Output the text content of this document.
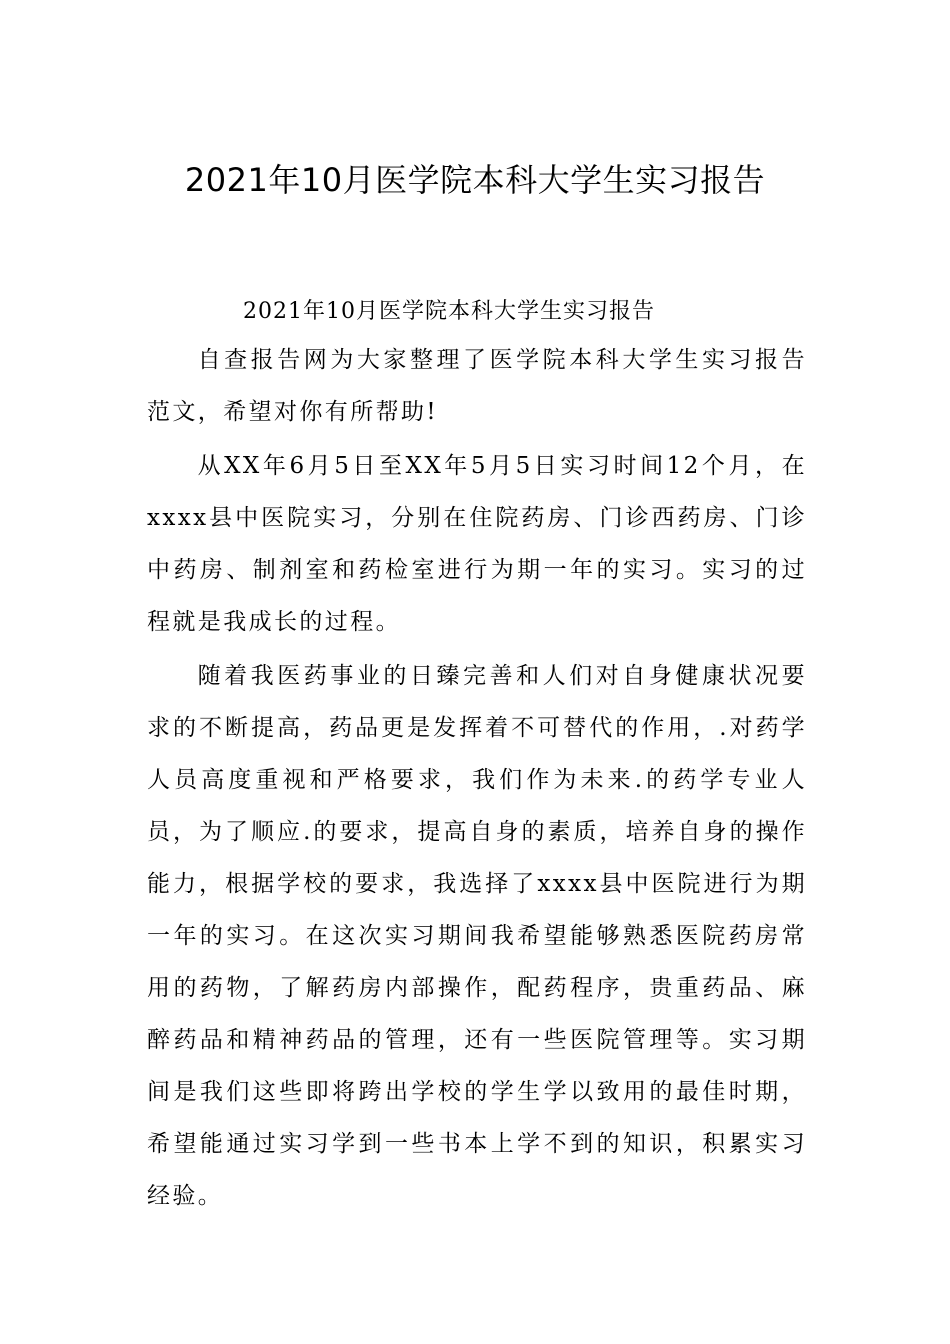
2021年10月医学院本科大学生实习报告

2021年10月医学院本科大学生实习报告

自查报告网为大家整理了医学院本科大学生实习报告范文，希望对你有所帮助!

从XX年6月5日至XX年5月5日实习时间12个月，在xxxx县中医院实习，分别在住院药房、门诊西药房、门诊中药房、制剂室和药检室进行为期一年的实习。实习的过程就是我成长的过程。

随着我医药事业的日臻完善和人们对自身健康状况要求的不断提高，药品更是发挥着不可替代的作用，.对药学人员高度重视和严格要求，我们作为未来.的药学专业人员，为了顺应.的要求，提高自身的素质，培养自身的操作能力，根据学校的要求，我选择了xxxx县中医院进行为期一年的实习。在这次实习期间我希望能够熟悉医院药房常用的药物，了解药房内部操作，配药程序，贵重药品、麻醉药品和精神药品的管理，还有一些医院管理等。实习期间是我们这些即将跨出学校的学生学以致用的最佳时期，希望能通过实习学到一些书本上学不到的知识，积累实习经验。
